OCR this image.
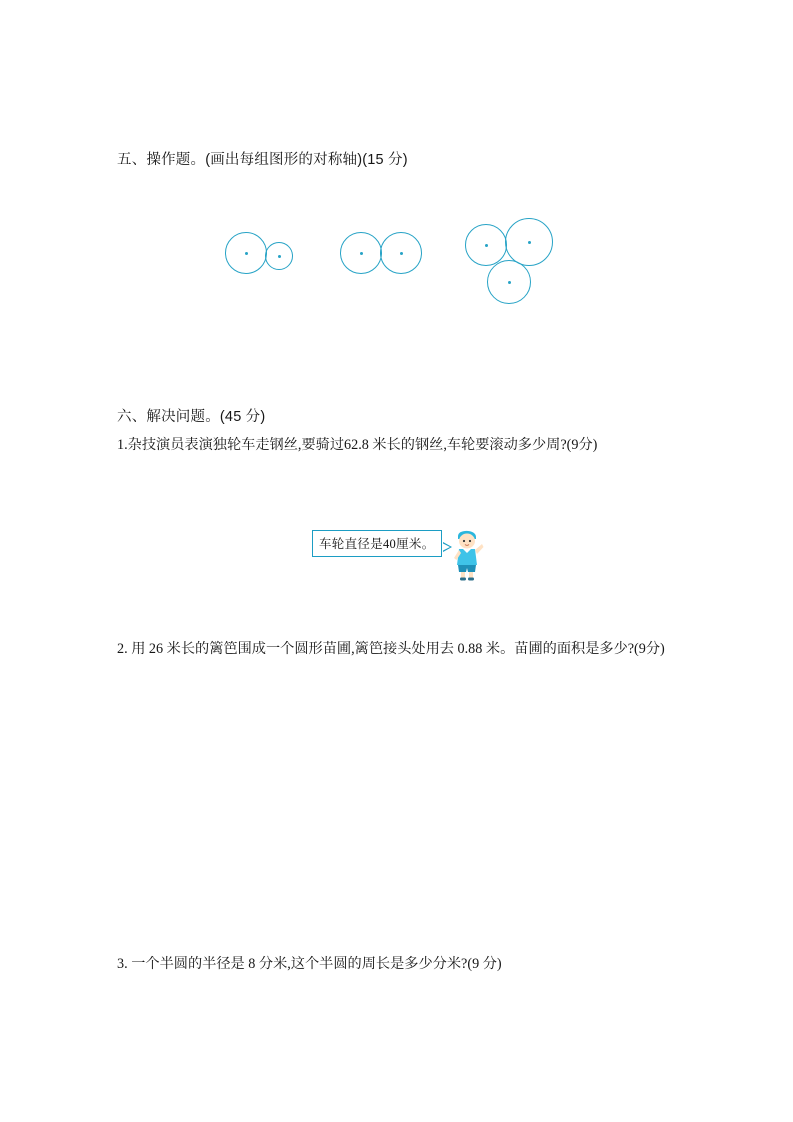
五、操作题。(画出每组图形的对称轴)(15 分)
六、解决问题。(45 分)
1.杂技演员表演独轮车走钢丝,要骑过62.8 米长的钢丝,车轮要滚动多少周?(9分)
车轮直径是40厘米。
2. 用 26 米长的篱笆围成一个圆形苗圃,篱笆接头处用去 0.88 米。苗圃的面积是多少?(9分)
3. 一个半圆的半径是 8 分米,这个半圆的周长是多少分米?(9 分)
